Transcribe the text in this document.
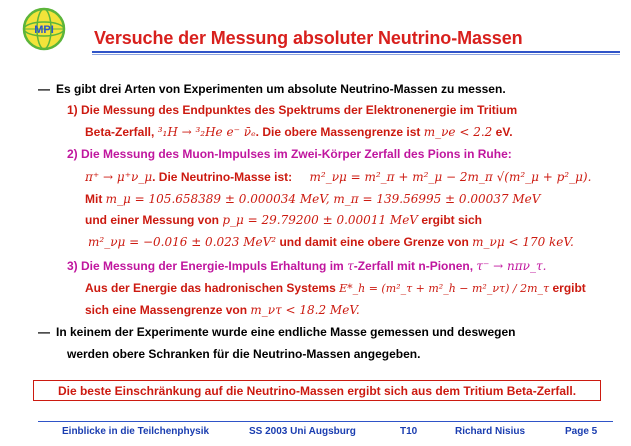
MPI Versuche der Messung absoluter Neutrino-Massen
— Es gibt drei Arten von Experimenten um absolute Neutrino-Massen zu messen.
1) Die Messung des Endpunktes des Spektrums der Elektronenergie im Tritium
Beta-Zerfall, ³₁H → ³₂He e⁻ ν̄ₑ. Die obere Massengrenze ist m_νe < 2.2 eV.
2) Die Messung des Muon-Impulses im Zwei-Körper Zerfall des Pions in Ruhe:
π⁺ → μ⁺ν_μ. Die Neutrino-Masse ist: m²_νμ = m²_π + m²_μ − 2m_π √(m²_μ + p²_μ).
Mit m_μ = 105.658389 ± 0.000034 MeV, m_π = 139.56995 ± 0.00037 MeV
und einer Messung von p_μ = 29.79200 ± 0.00011 MeV ergibt sich
m²_νμ = −0.016 ± 0.023 MeV² und damit eine obere Grenze von m_νμ < 170 keV.
3) Die Messung der Energie-Impuls Erhaltung im τ-Zerfall mit n-Pionen, τ⁻ → nπν_τ.
Aus der Energie das hadronischen Systems E*_h = (m²_τ + m²_h − m²_ντ) / 2m_τ ergibt
sich eine Massengrenze von m_ντ < 18.2 MeV.
— In keinem der Experimente wurde eine endliche Masse gemessen und deswegen
werden obere Schranken für die Neutrino-Massen angegeben.
Die beste Einschränkung auf die Neutrino-Massen ergibt sich aus dem Tritium Beta-Zerfall.
Einblicke in die Teilchenphysik	SS 2003 Uni Augsburg	T10	Richard Nisius	Page 5
